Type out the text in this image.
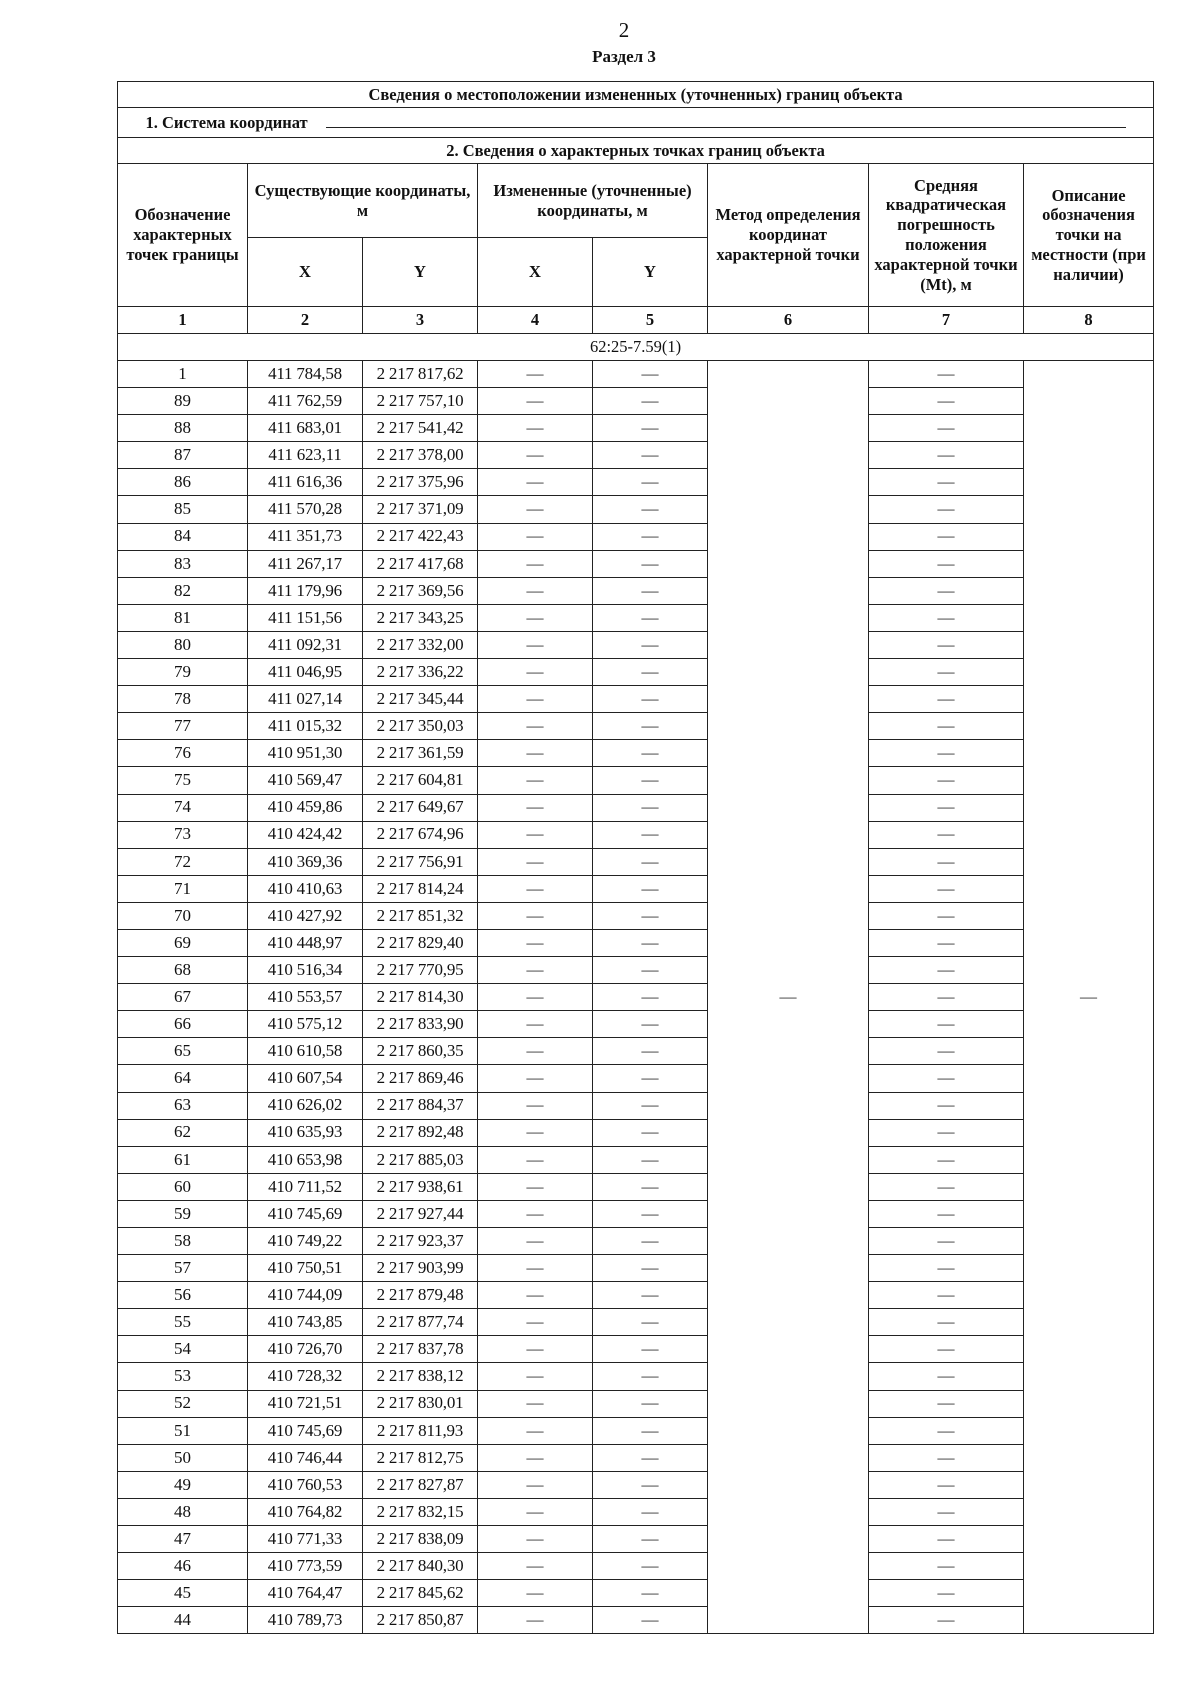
2
Раздел 3
Сведения о местоположении измененных (уточненных) границ объекта							
1. Система координат							
2. Сведения о характерных точках границ объекта							
Обозначение характерных точек границы	Существующие координаты, м		Измененные (уточненные) координаты, м		Метод определения координат характерной точки	Средняя квадратическая погрешность положения характерной точки (Mt), м	Описание обозначения точки на местности (при наличии)
	X	Y	X	Y			
1	2	3	4	5	6	7	8
62:25-7.59(1)							
1	411 784,58	2 217 817,62	—	—	—	—	—
89	411 762,59	2 217 757,10	—	—		—	
88	411 683,01	2 217 541,42	—	—		—	
87	411 623,11	2 217 378,00	—	—		—	
86	411 616,36	2 217 375,96	—	—		—	
85	411 570,28	2 217 371,09	—	—		—	
84	411 351,73	2 217 422,43	—	—		—	
83	411 267,17	2 217 417,68	—	—		—	
82	411 179,96	2 217 369,56	—	—		—	
81	411 151,56	2 217 343,25	—	—		—	
80	411 092,31	2 217 332,00	—	—		—	
79	411 046,95	2 217 336,22	—	—		—	
78	411 027,14	2 217 345,44	—	—		—	
77	411 015,32	2 217 350,03	—	—		—	
76	410 951,30	2 217 361,59	—	—		—	
75	410 569,47	2 217 604,81	—	—		—	
74	410 459,86	2 217 649,67	—	—		—	
73	410 424,42	2 217 674,96	—	—		—	
72	410 369,36	2 217 756,91	—	—		—	
71	410 410,63	2 217 814,24	—	—		—	
70	410 427,92	2 217 851,32	—	—		—	
69	410 448,97	2 217 829,40	—	—		—	
68	410 516,34	2 217 770,95	—	—		—	
67	410 553,57	2 217 814,30	—	—		—	
66	410 575,12	2 217 833,90	—	—		—	
65	410 610,58	2 217 860,35	—	—		—	
64	410 607,54	2 217 869,46	—	—		—	
63	410 626,02	2 217 884,37	—	—		—	
62	410 635,93	2 217 892,48	—	—		—	
61	410 653,98	2 217 885,03	—	—		—	
60	410 711,52	2 217 938,61	—	—		—	
59	410 745,69	2 217 927,44	—	—		—	
58	410 749,22	2 217 923,37	—	—		—	
57	410 750,51	2 217 903,99	—	—		—	
56	410 744,09	2 217 879,48	—	—		—	
55	410 743,85	2 217 877,74	—	—		—	
54	410 726,70	2 217 837,78	—	—		—	
53	410 728,32	2 217 838,12	—	—		—	
52	410 721,51	2 217 830,01	—	—		—	
51	410 745,69	2 217 811,93	—	—		—	
50	410 746,44	2 217 812,75	—	—		—	
49	410 760,53	2 217 827,87	—	—		—	
48	410 764,82	2 217 832,15	—	—		—	
47	410 771,33	2 217 838,09	—	—		—	
46	410 773,59	2 217 840,30	—	—		—	
45	410 764,47	2 217 845,62	—	—		—	
44	410 789,73	2 217 850,87	—	—		—	
